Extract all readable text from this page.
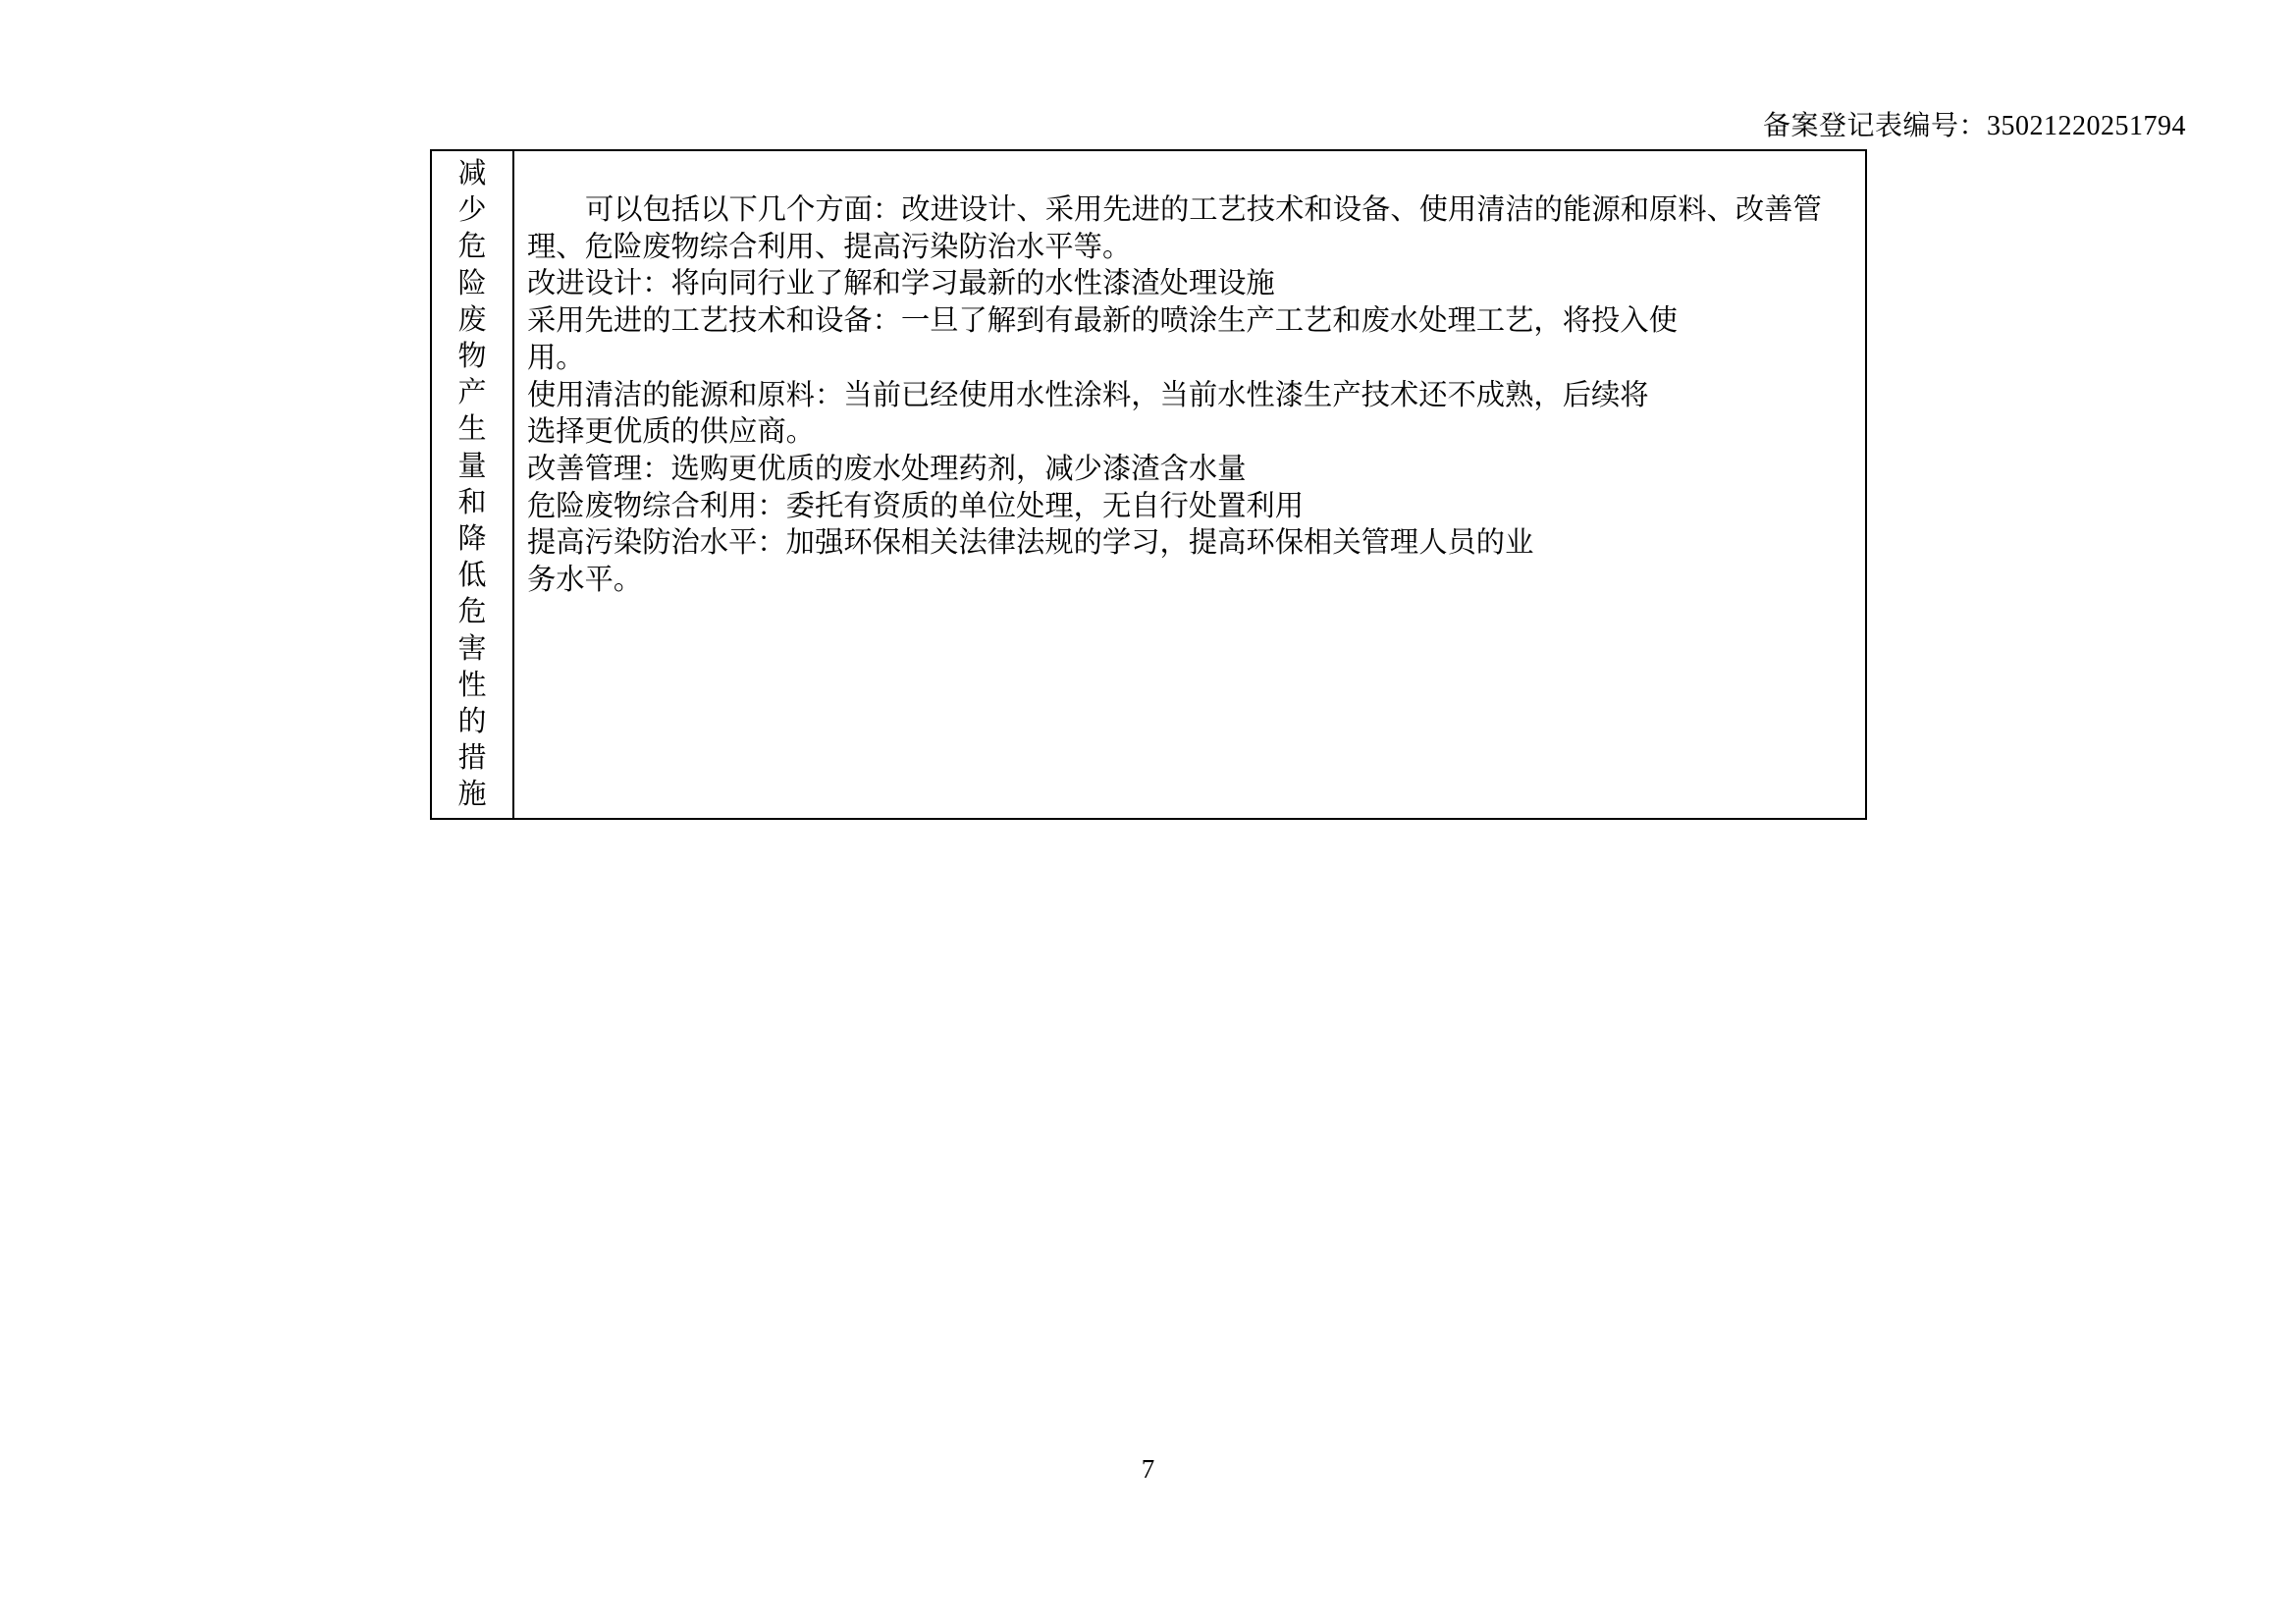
备案登记表编号：35021220251794
减
少
危
险
废
物
产
生
量
和
降
低
危
害
性
的
措
施
可以包括以下几个方面：改进设计、采用先进的工艺技术和设备、使用清洁的能源和原料、改善管
理、危险废物综合利用、提高污染防治水平等。
改进设计：将向同行业了解和学习最新的水性漆渣处理设施
采用先进的工艺技术和设备：一旦了解到有最新的喷涂生产工艺和废水处理工艺，将投入使
用。
使用清洁的能源和原料：当前已经使用水性涂料，当前水性漆生产技术还不成熟，后续将
选择更优质的供应商。
改善管理：选购更优质的废水处理药剂，减少漆渣含水量
危险废物综合利用：委托有资质的单位处理，无自行处置利用
提高污染防治水平：加强环保相关法律法规的学习，提高环保相关管理人员的业
务水平。
7
